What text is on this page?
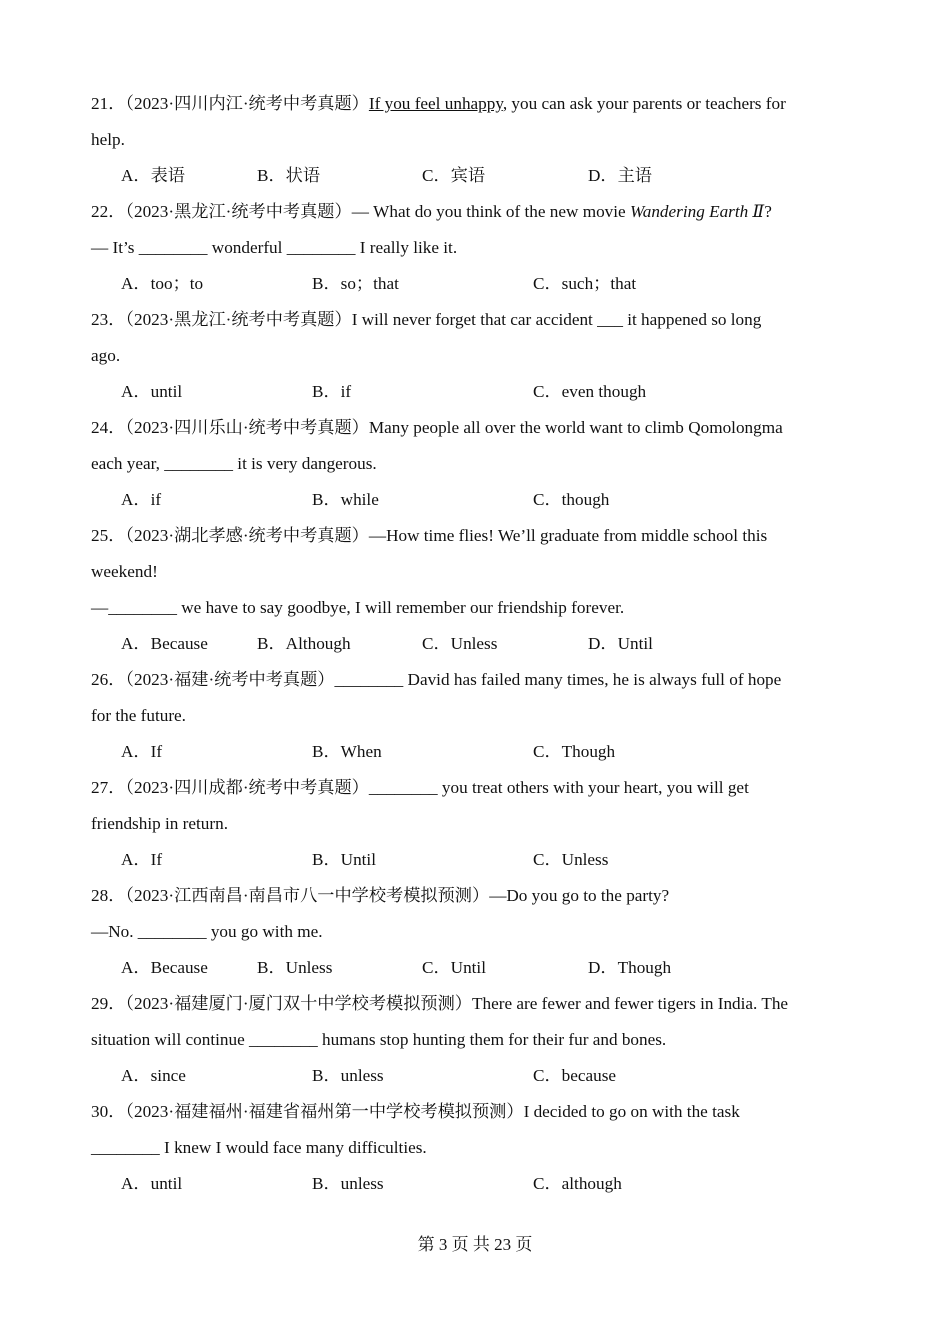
21．（2023·四川内江·统考中考真题）If you feel unhappy, you can ask your parents or teachers for
help.
A．表语	B．状语	C．宾语	D．主语
22．（2023·黑龙江·统考中考真题）— What do you think of the new movie Wandering Earth Ⅱ?
— It’s ________ wonderful ________ I really like it.
A．too；to	B．so；that	C．such；that
23．（2023·黑龙江·统考中考真题）I will never forget that car accident ___ it happened so long
ago.
A．until	B．if	C．even though
24．（2023·四川乐山·统考中考真题）Many people all over the world want to climb Qomolongma
each year, ________ it is very dangerous.
A．if	B．while	C．though
25．（2023·湖北孝感·统考中考真题）—How time flies! We’ll graduate from middle school this
weekend!
—________ we have to say goodbye, I will remember our friendship forever.
A．Because	B．Although	C．Unless	D．Until
26．（2023·福建·统考中考真题）________ David has failed many times, he is always full of hope
for the future.
A．If	B．When	C．Though
27．（2023·四川成都·统考中考真题）________ you treat others with your heart, you will get
friendship in return.
A．If	B．Until	C．Unless
28．（2023·江西南昌·南昌市八一中学校考模拟预测）—Do you go to the party?
—No. ________ you go with me.
A．Because	B．Unless	C．Until	D．Though
29．（2023·福建厦门·厦门双十中学校考模拟预测）There are fewer and fewer tigers in India. The
situation will continue ________ humans stop hunting them for their fur and bones.
A．since	B．unless	C．because
30．（2023·福建福州·福建省福州第一中学校考模拟预测）I decided to go on with the task
________ I knew I would face many difficulties.
A．until	B．unless	C．although
第 3 页 共 23 页
